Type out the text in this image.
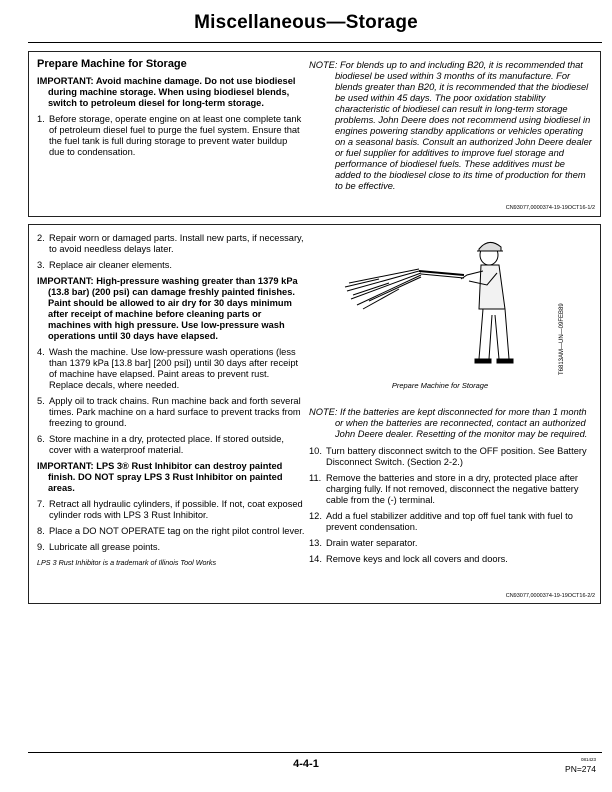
Miscellaneous—Storage
Prepare Machine for Storage
IMPORTANT: Avoid machine damage. Do not use biodiesel during machine storage. When using biodiesel blends, switch to petroleum diesel for long-term storage.
1. Before storage, operate engine on at least one complete tank of petroleum diesel fuel to purge the fuel system. Ensure that the fuel tank is full during storage to prevent water buildup due to condensation.
NOTE: For blends up to and including B20, it is recommended that biodiesel be used within 3 months of its manufacture. For blends greater than B20, it is recommended that the biodiesel be used within 45 days. The poor oxidation stability characteristic of biodiesel can result in long-term storage problems. John Deere does not recommend using biodiesel in engines powering standby applications or vehicles operating on a seasonal basis. Consult an authorized John Deere dealer or fuel supplier for additives to improve fuel storage and performance of biodiesel fuels. These additives must be added to the biodiesel close to its time of production for them to be effective.
CN93077,0000374-19-19OCT16-1/2
2. Repair worn or damaged parts. Install new parts, if necessary, to avoid needless delays later.
3. Replace air cleaner elements.
IMPORTANT: High-pressure washing greater than 1379 kPa (13.8 bar) (200 psi) can damage freshly painted finishes. Paint should be allowed to air dry for 30 days minimum after receipt of machine before cleaning parts or machines with high pressure. Use low-pressure wash operations until 30 days have elapsed.
4. Wash the machine. Use low-pressure wash operations (less than 1379 kPa [13.8 bar] [200 psi]) until 30 days after receipt of machine have elapsed. Paint areas to prevent rust. Replace decals, where needed.
5. Apply oil to track chains. Run machine back and forth several times. Park machine on a hard surface to prevent tracks from freezing to ground.
6. Store machine in a dry, protected place. If stored outside, cover with a waterproof material.
IMPORTANT: LPS 3® Rust Inhibitor can destroy painted finish. DO NOT spray LPS 3 Rust Inhibitor on painted areas.
7. Retract all hydraulic cylinders, if possible. If not, coat exposed cylinder rods with LPS 3 Rust Inhibitor.
8. Place a DO NOT OPERATE tag on the right pilot control lever.
9. Lubricate all grease points.
LPS 3 Rust Inhibitor is a trademark of Illinois Tool Works
T6813AM—UN—09FEB89
Prepare Machine for Storage
NOTE: If the batteries are kept disconnected for more than 1 month or when the batteries are reconnected, contact an authorized John Deere dealer. Resetting of the monitor may be required.
10. Turn battery disconnect switch to the OFF position. See Battery Disconnect Switch. (Section 2-2.)
11. Remove the batteries and store in a dry, protected place after charging fully. If not removed, disconnect the negative battery cable from the (-) terminal.
12. Add a fuel stabilizer additive and top off fuel tank with fuel to prevent condensation.
13. Drain water separator.
14. Remove keys and lock all covers and doors.
CN93077,0000374-19-19OCT16-2/2
4-4-1	081423
PN=274
